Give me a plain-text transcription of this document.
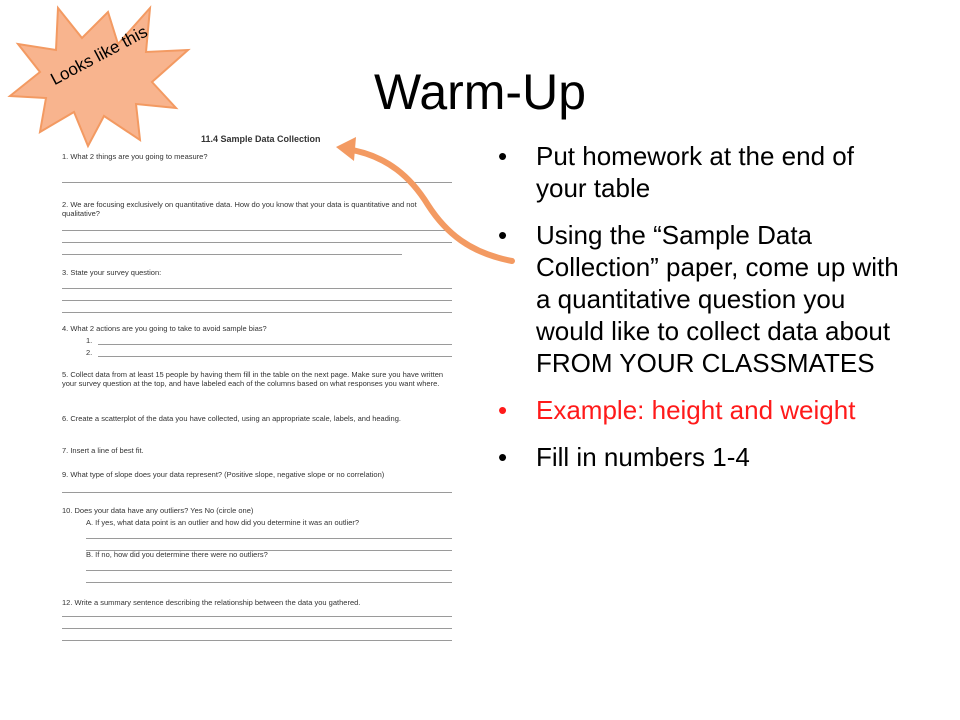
Looks like this
Warm-Up
11.4 Sample Data Collection
1. What 2 things are you going to measure?
2. We are focusing exclusively on quantitative data. How do you know that your data is quantitative and not qualitative?
3. State your survey question:
4. What 2 actions are you going to take to avoid sample bias?
1.
2.
5. Collect data from at least 15 people by having them fill in the table on the next page. Make sure you have written your survey question at the top, and have labeled each of the columns based on what responses you want where.
6. Create a scatterplot of the data you have collected, using an appropriate scale, labels, and heading.
7. Insert a line of best fit.
9. What type of slope does your data represent? (Positive slope, negative slope or no correlation)
10. Does your data have any outliers? Yes No (circle one)
A. If yes, what data point is an outlier and how did you determine it was an outlier?
B. If no, how did you determine there were no outliers?
12. Write a summary sentence describing the relationship between the data you gathered.
• Put homework at the end of your table
• Using the “Sample Data Collection” paper, come up with a quantitative question you would like to collect data about FROM YOUR CLASSMATES
• Example: height and weight
• Fill in numbers 1-4
